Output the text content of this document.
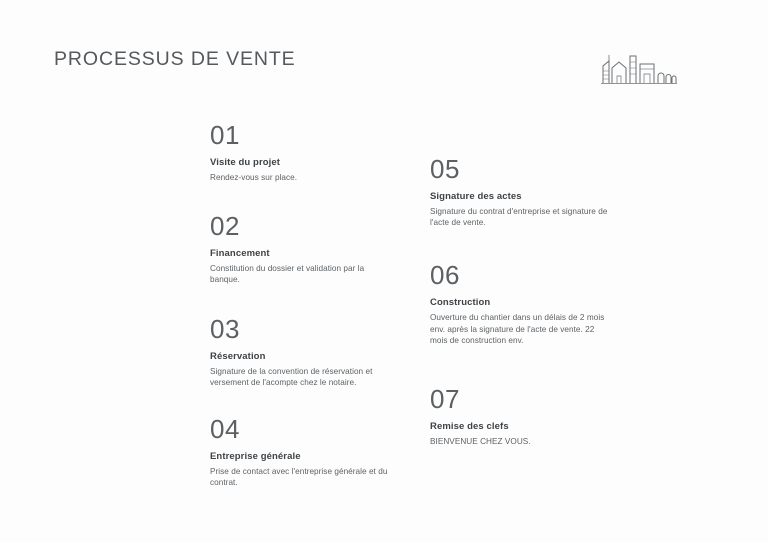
PROCESSUS DE VENTE
01
Visite du projet
Rendez-vous sur place.
02
Financement
Constitution du dossier et validation par la banque.
03
Réservation
Signature de la convention de réservation et versement de l'acompte chez le notaire.
04
Entreprise générale
Prise de contact avec l'entreprise générale et du contrat.
05
Signature des actes
Signature du contrat d'entreprise et signature de l'acte de vente.
06
Construction
Ouverture du chantier dans un délais de 2 mois env. après la signature de l'acte de vente. 22 mois de construction env.
07
Remise des clefs
BIENVENUE CHEZ VOUS.
